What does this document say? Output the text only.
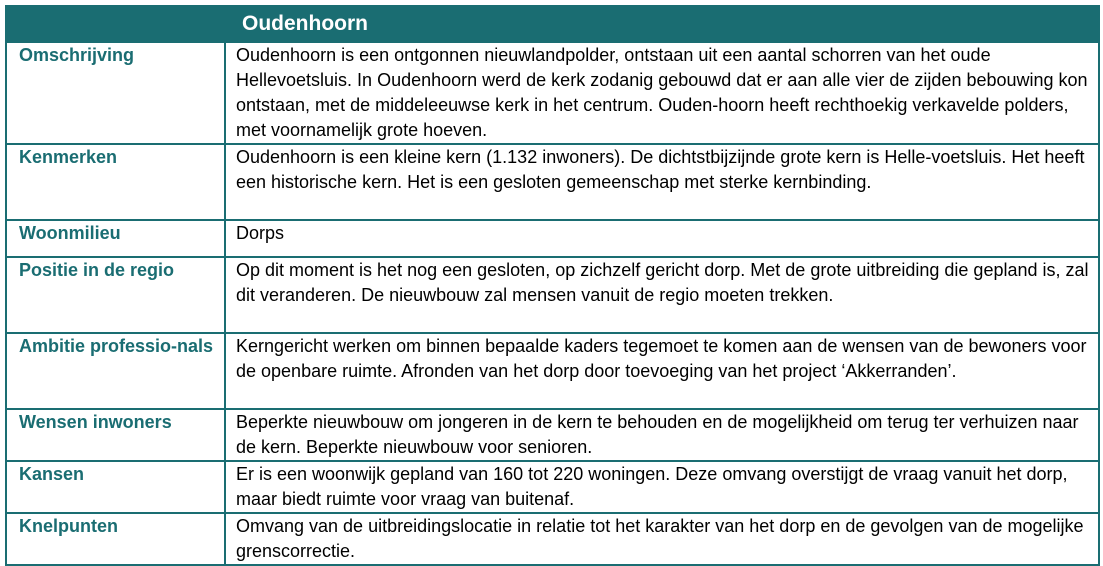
	Oudenhoorn
Omschrijving	Oudenhoorn is een ontgonnen nieuwlandpolder, ontstaan uit een aantal schorren van het oude Hellevoetsluis. In Oudenhoorn werd de kerk zodanig gebouwd dat er aan alle vier de zijden bebouwing kon ontstaan, met de middeleeuwse kerk in het centrum. Ouden-hoorn heeft rechthoekig verkavelde polders, met voornamelijk grote hoeven.
Kenmerken	Oudenhoorn is een kleine kern (1.132 inwoners). De dichtstbijzijnde grote kern is Helle-voetsluis. Het heeft een historische kern. Het is een gesloten gemeenschap met sterke kernbinding.
Woonmilieu	Dorps
Positie in de regio	Op dit moment is het nog een gesloten, op zichzelf gericht dorp. Met de grote uitbreiding die gepland is, zal dit veranderen. De nieuwbouw zal mensen vanuit de regio moeten trekken.
Ambitie professio-nals	Kerngericht werken om binnen bepaalde kaders tegemoet te komen aan de wensen van de bewoners voor de openbare ruimte. Afronden van het dorp door toevoeging van het project ‘Akkerranden’.
Wensen inwoners	Beperkte nieuwbouw om jongeren in de kern te behouden en de mogelijkheid om terug ter verhuizen naar de kern. Beperkte nieuwbouw voor senioren.
Kansen	Er is een woonwijk gepland van 160 tot 220 woningen. Deze omvang overstijgt de vraag vanuit het dorp, maar biedt ruimte voor vraag van buitenaf.
Knelpunten	Omvang van de uitbreidingslocatie in relatie tot het karakter van het dorp en de gevolgen van de mogelijke grenscorrectie.
